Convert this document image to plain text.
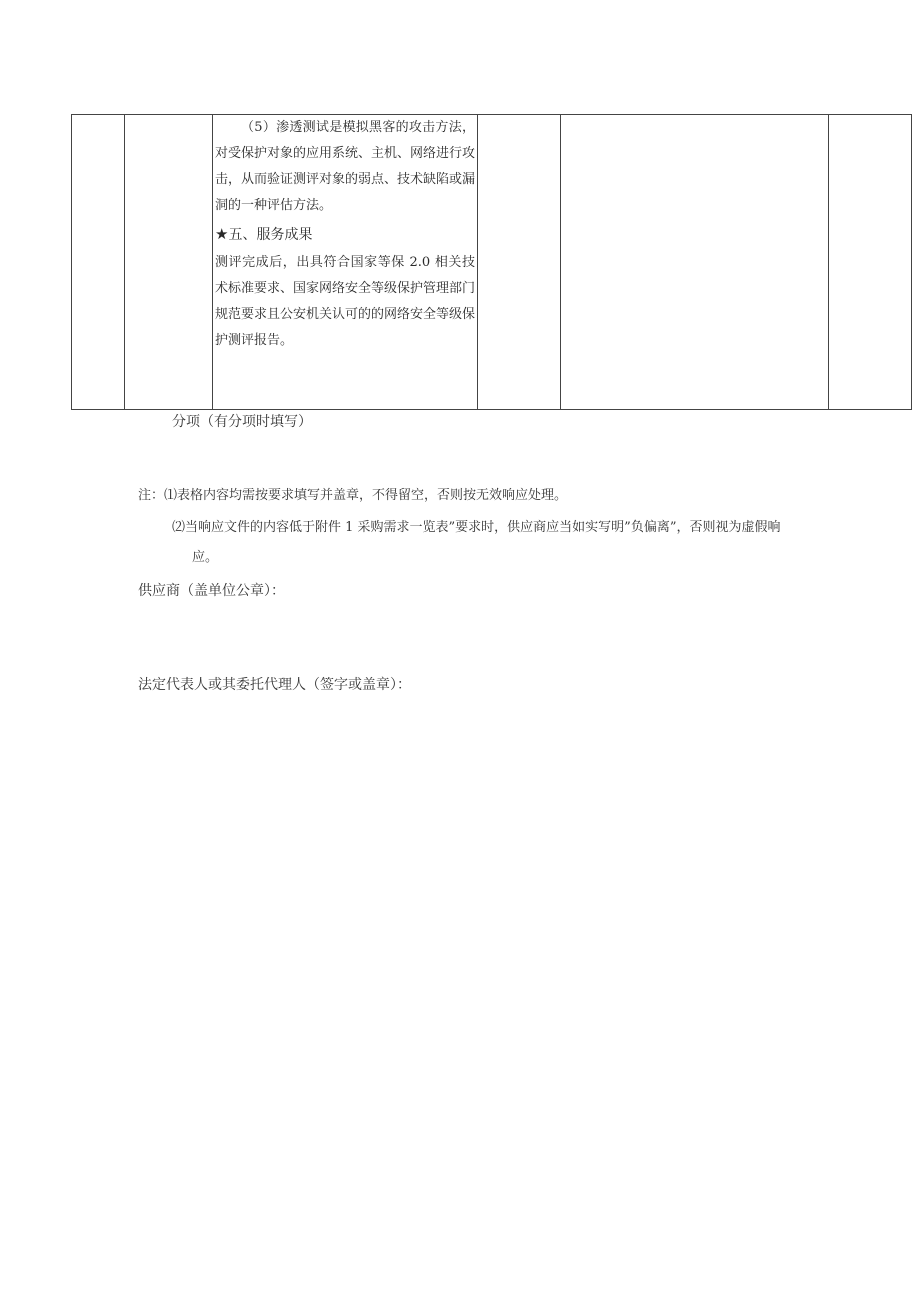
（5）渗透测试是模拟黑客的攻击方法，对受保护对象的应用系统、主机、网络进行攻击，从而验证测评对象的弱点、技术缺陷或漏洞的一种评估方法。

★五、服务成果

测评完成后，出具符合国家等保 2.0 相关技术标准要求、国家网络安全等级保护管理部门规范要求且公安机关认可的的网络安全等级保护测评报告。

分项（有分项时填写）
注：⑴表格内容均需按要求填写并盖章，不得留空，否则按无效响应处理。
⑵当响应文件的内容低于附件 1 采购需求一览表”要求时，供应商应当如实写明”负偏离”，否则视为虚假响
应。
供应商（盖单位公章）：
法定代表人或其委托代理人（签字或盖章）：
